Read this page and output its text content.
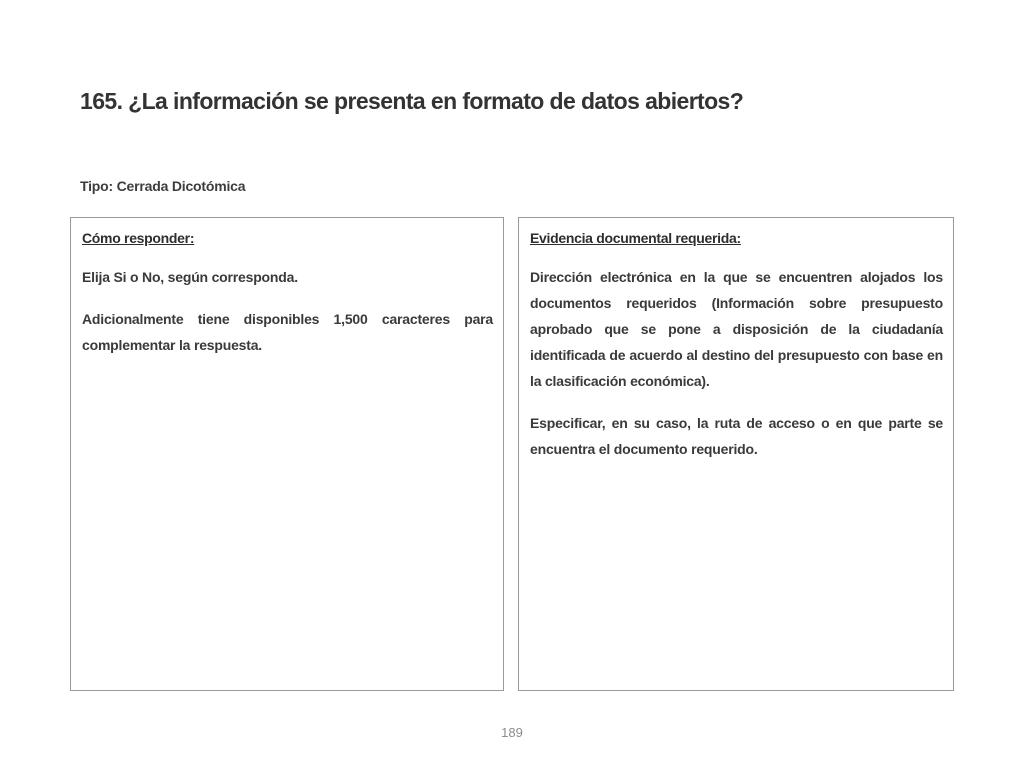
165. ¿La información se presenta en formato de datos abiertos?

Tipo: Cerrada Dicotómica

Cómo responder:

Elija Si o No, según corresponda.

Adicionalmente tiene disponibles 1,500 caracteres para complementar la respuesta.

Evidencia documental requerida:

Dirección electrónica en la que se encuentren alojados los documentos requeridos (Información sobre presupuesto aprobado que se pone a disposición de la ciudadanía identificada de acuerdo al destino del presupuesto con base en la clasificación económica).

Especificar, en su caso, la ruta de acceso o en que parte se encuentra el documento requerido.

189
